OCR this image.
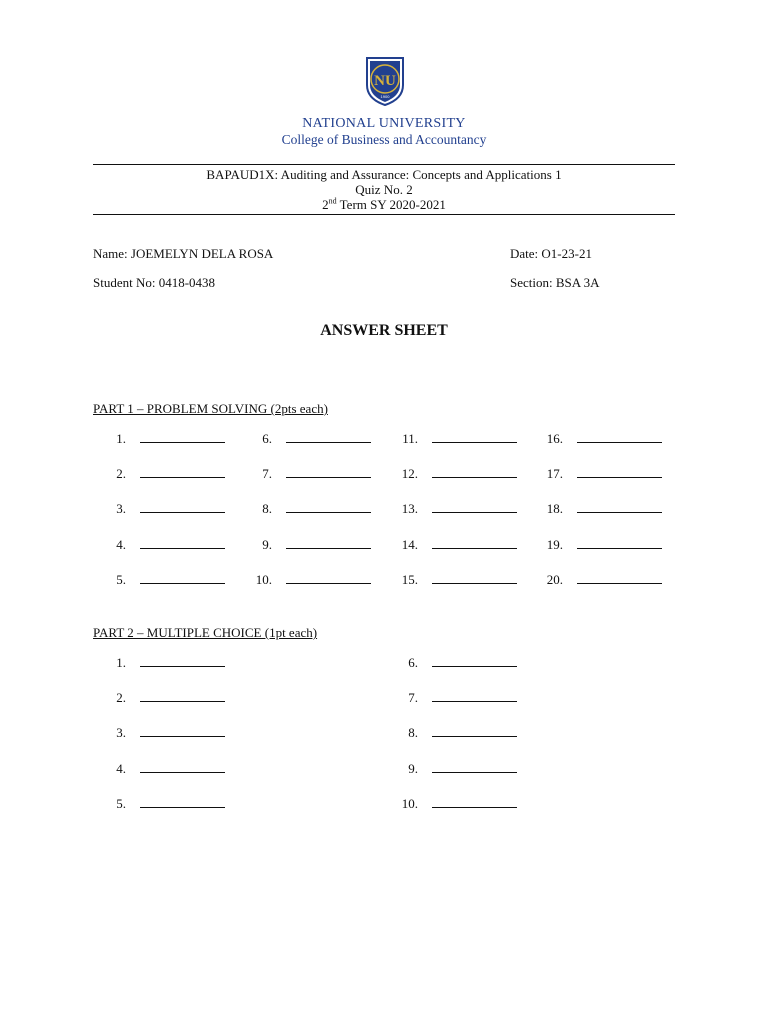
NU
1900
NATIONAL UNIVERSITY
College of Business and Accountancy
BAPAUD1X: Auditing and Assurance: Concepts and Applications 1
Quiz No. 2
2nd Term SY 2020-2021
Name: JOEMELYN DELA ROSA	Date: O1-23-21
Student No: 0418-0438	Section: BSA 3A
ANSWER SHEET
PART 1 – PROBLEM SOLVING (2pts each)
1.
2.
3.
4.
5.
6.
7.
8.
9.
10.
11.
12.
13.
14.
15.
16.
17.
18.
19.
20.
PART 2 – MULTIPLE CHOICE (1pt each)
1.
2.
3.
4.
5.
6.
7.
8.
9.
10.
